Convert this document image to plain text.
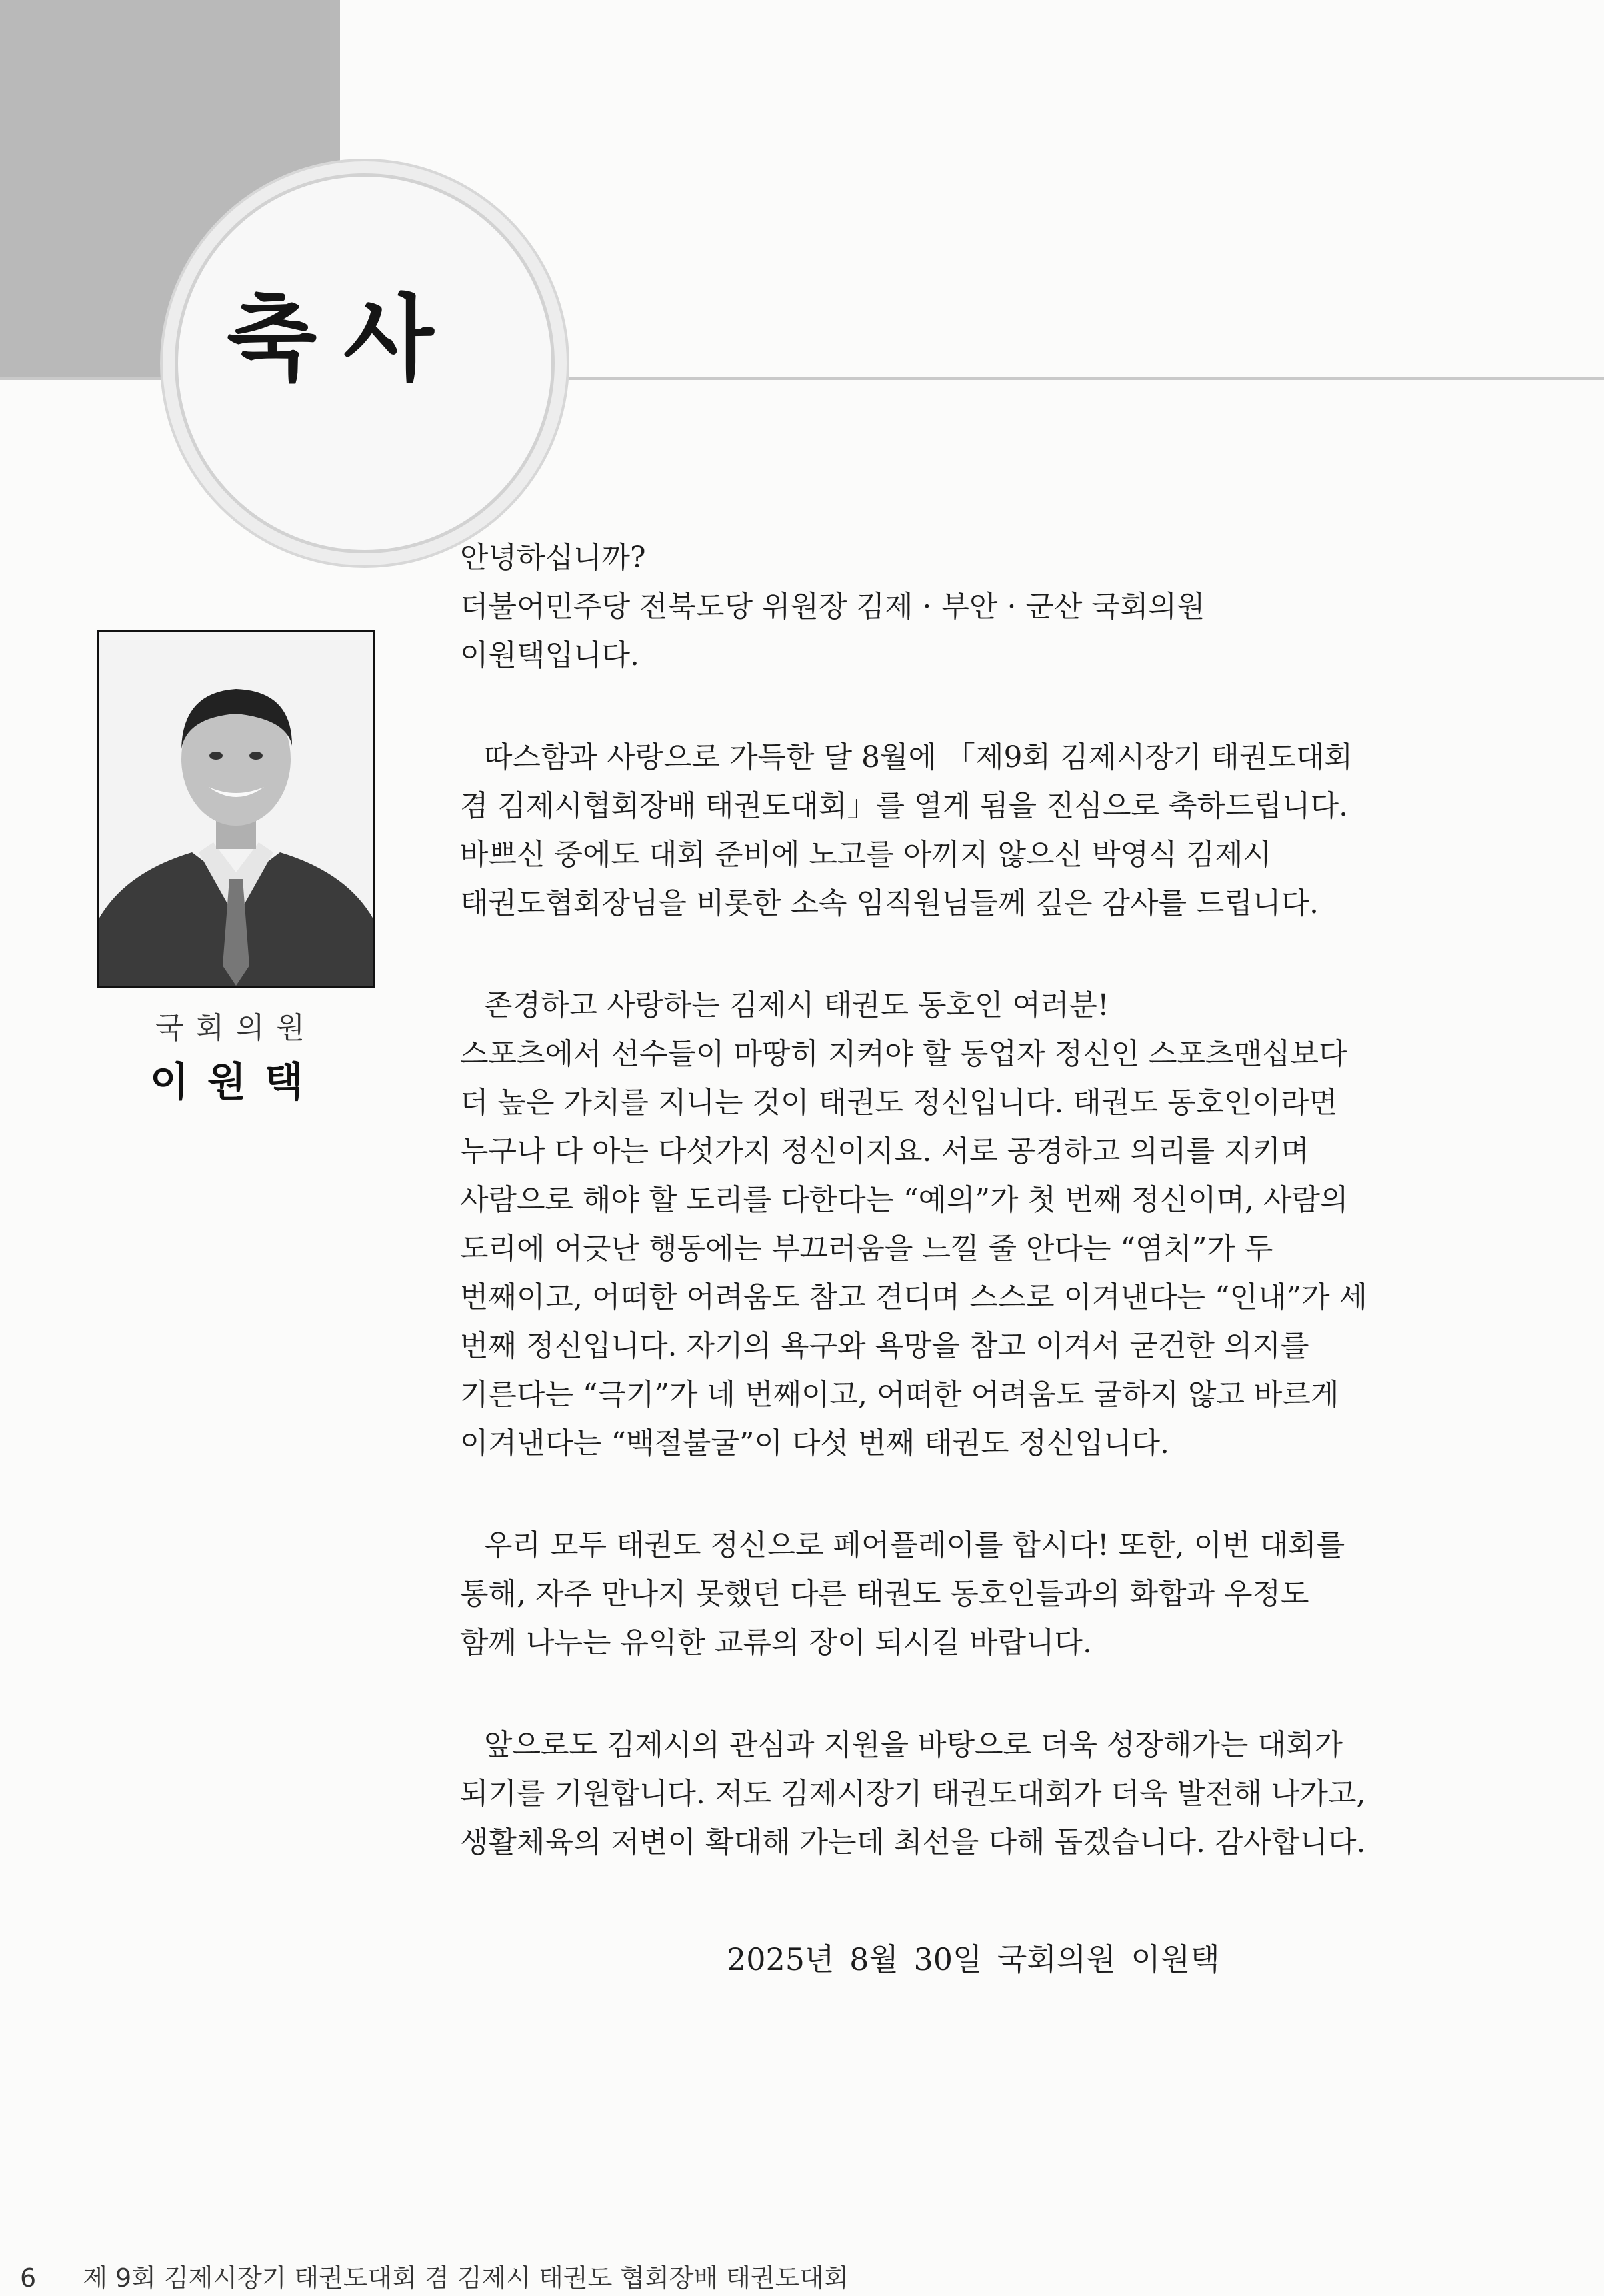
축사
국회의원
이원택
안녕하십니까?
더불어민주당 전북도당 위원장 김제 · 부안 · 군산 국회의원
이원택입니다.
따스함과 사랑으로 가득한 달 8월에 「제9회 김제시장기 태권도대회
겸 김제시협회장배 태권도대회」를 열게 됨을 진심으로 축하드립니다.
바쁘신 중에도 대회 준비에 노고를 아끼지 않으신 박영식 김제시
태권도협회장님을 비롯한 소속 임직원님들께 깊은 감사를 드립니다.
존경하고 사랑하는 김제시 태권도 동호인 여러분!
스포츠에서 선수들이 마땅히 지켜야 할 동업자 정신인 스포츠맨십보다
더 높은 가치를 지니는 것이 태권도 정신입니다. 태권도 동호인이라면
누구나 다 아는 다섯가지 정신이지요. 서로 공경하고 의리를 지키며
사람으로 해야 할 도리를 다한다는 “예의”가 첫 번째 정신이며, 사람의
도리에 어긋난 행동에는 부끄러움을 느낄 줄 안다는 “염치”가 두
번째이고, 어떠한 어려움도 참고 견디며 스스로 이겨낸다는 “인내”가 세
번째 정신입니다. 자기의 욕구와 욕망을 참고 이겨서 굳건한 의지를
기른다는 “극기”가 네 번째이고, 어떠한 어려움도 굴하지 않고 바르게
이겨낸다는 “백절불굴”이 다섯 번째 태권도 정신입니다.
우리 모두 태권도 정신으로 페어플레이를 합시다! 또한, 이번 대회를
통해, 자주 만나지 못했던 다른 태권도 동호인들과의 화합과 우정도
함께 나누는 유익한 교류의 장이 되시길 바랍니다.
앞으로도 김제시의 관심과 지원을 바탕으로 더욱 성장해가는 대회가
되기를 기원합니다. 저도 김제시장기 태권도대회가 더욱 발전해 나가고,
생활체육의 저변이 확대해 가는데 최선을 다해 돕겠습니다. 감사합니다.
2025년 8월 30일 국회의원 이원택
6 제 9회 김제시장기 태권도대회 겸 김제시 태권도 협회장배 태권도대회
